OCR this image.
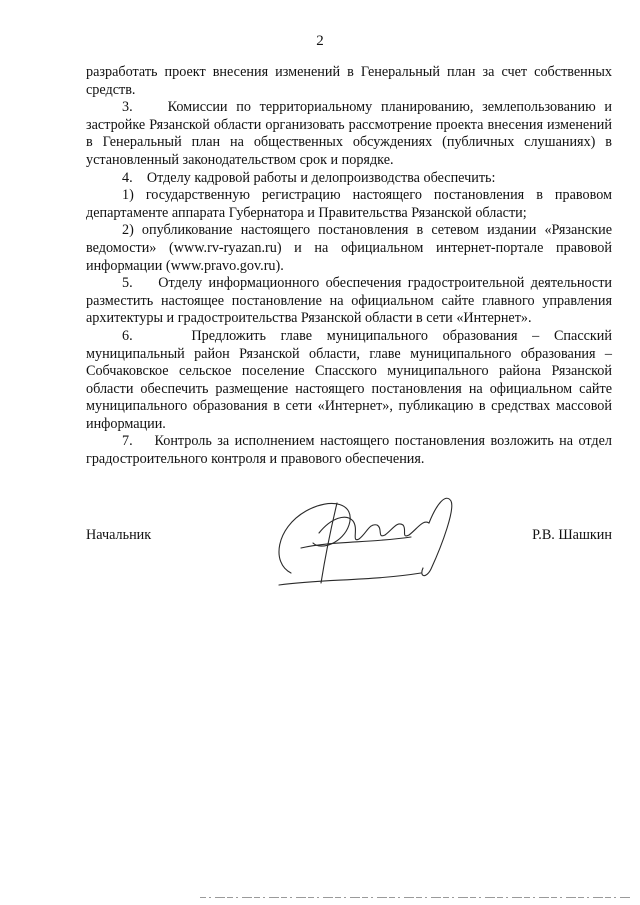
2

разработать проект внесения изменений в Генеральный план за счет собственных средств.

3.    Комиссии по территориальному планированию, землепользованию и застройке Рязанской области организовать рассмотрение проекта внесения изменений в Генеральный план на общественных обсуждениях (публичных слушаниях) в установленный законодательством срок и порядке.

4.    Отделу кадровой работы и делопроизводства обеспечить:

1) государственную регистрацию настоящего постановления в правовом департаменте аппарата Губернатора и Правительства Рязанской области;

2) опубликование настоящего постановления в сетевом издании «Рязанские ведомости» (www.rv-ryazan.ru) и на официальном интернет-портале правовой информации (www.pravo.gov.ru).

5.    Отделу информационного обеспечения градостроительной деятельности разместить настоящее постановление на официальном сайте главного управления архитектуры и градостроительства Рязанской области в сети «Интернет».

6.    Предложить главе муниципального образования – Спасский муниципальный район Рязанской области, главе муниципального образования – Собчаковское сельское поселение Спасского муниципального района Рязанской области обеспечить размещение настоящего постановления на официальном сайте муниципального образования в сети «Интернет», публикацию в средствах массовой информации.

7.    Контроль за исполнением настоящего постановления возложить на отдел градостроительного контроля и правового обеспечения.

Начальник	Р.В. Шашкин
